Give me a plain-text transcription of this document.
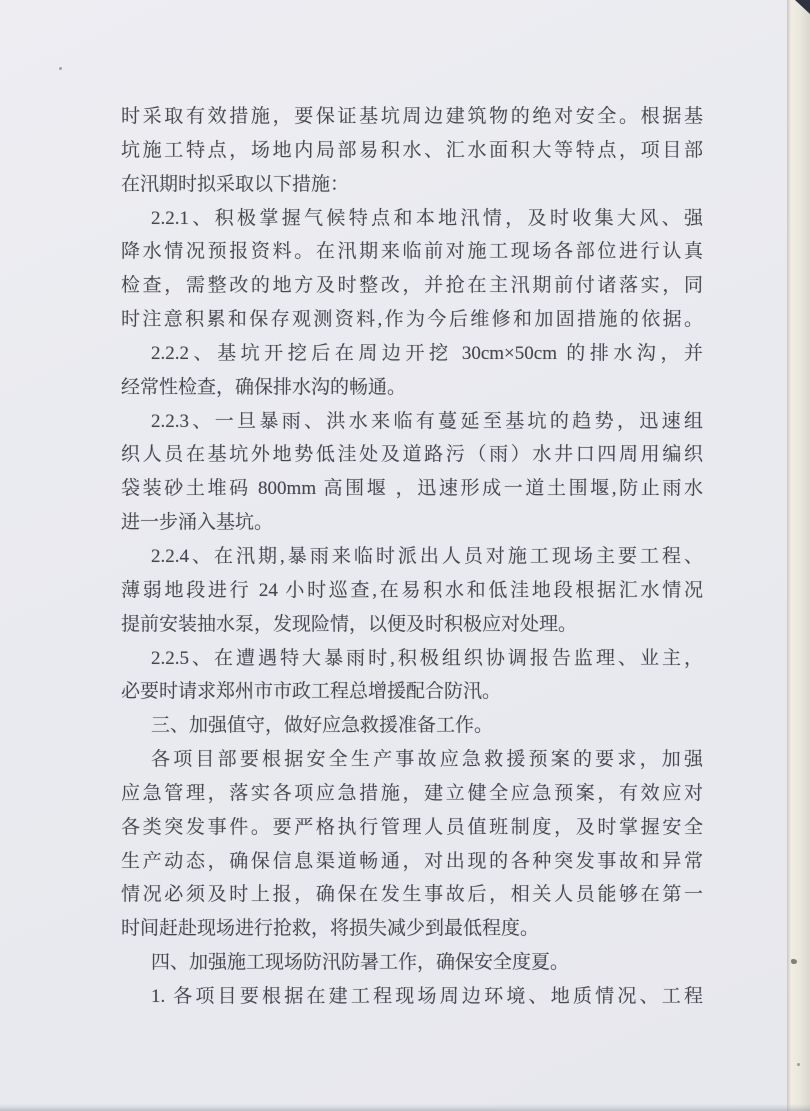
时采取有效措施，要保证基坑周边建筑物的绝对安全。根据基
坑施工特点，场地内局部易积水、汇水面积大等特点，项目部
在汛期时拟采取以下措施：
2.2.1、积极掌握气候特点和本地汛情，及时收集大风、强
降水情况预报资料。在汛期来临前对施工现场各部位进行认真
检查，需整改的地方及时整改，并抢在主汛期前付诸落实，同
时注意积累和保存观测资料,作为今后维修和加固措施的依据。
2.2.2、基坑开挖后在周边开挖 30cm×50cm 的排水沟，并
经常性检查，确保排水沟的畅通。
2.2.3、一旦暴雨、洪水来临有蔓延至基坑的趋势，迅速组
织人员在基坑外地势低洼处及道路污（雨）水井口四周用编织
袋装砂土堆码 800mm 高围堰 ，迅速形成一道土围堰,防止雨水
进一步涌入基坑。
2.2.4、在汛期,暴雨来临时派出人员对施工现场主要工程、
薄弱地段进行 24 小时巡查,在易积水和低洼地段根据汇水情况
提前安装抽水泵，发现险情，以便及时积极应对处理。
2.2.5、在遭遇特大暴雨时,积极组织协调报告监理、业主，
必要时请求郑州市市政工程总增援配合防汛。
三、加强值守，做好应急救援准备工作。
各项目部要根据安全生产事故应急救援预案的要求，加强
应急管理，落实各项应急措施，建立健全应急预案，有效应对
各类突发事件。要严格执行管理人员值班制度，及时掌握安全
生产动态，确保信息渠道畅通，对出现的各种突发事故和异常
情况必须及时上报，确保在发生事故后，相关人员能够在第一
时间赶赴现场进行抢救，将损失减少到最低程度。
四、加强施工现场防汛防暑工作，确保安全度夏。
1. 各项目要根据在建工程现场周边环境、地质情况、工程
